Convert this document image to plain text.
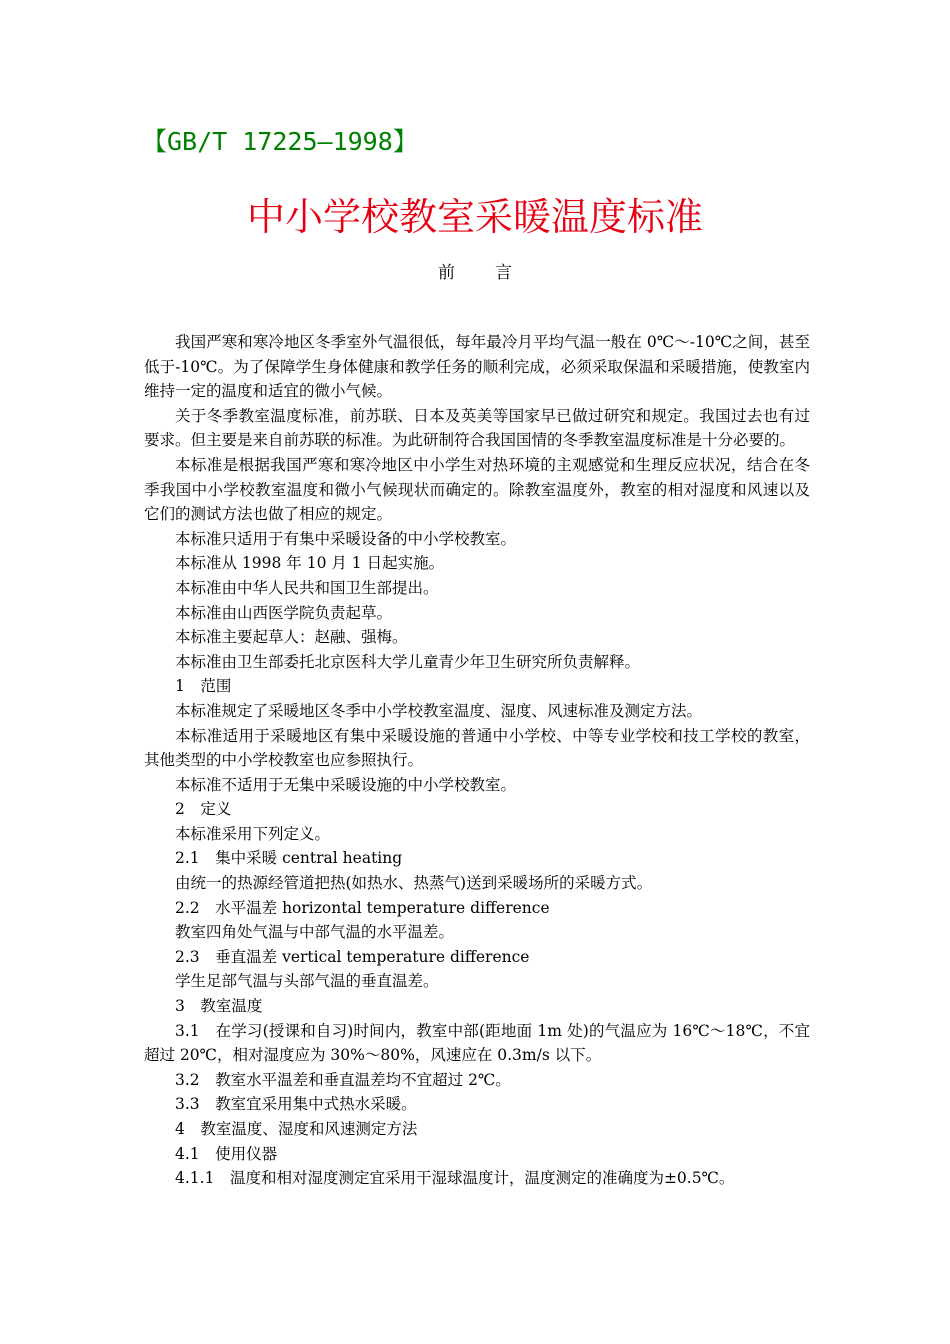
【GB/T 17225—1998】
中小学校教室采暖温度标准
前言

我国严寒和寒冷地区冬季室外气温很低，每年最冷月平均气温一般在 0℃～-10℃之间，甚至低于-10℃。为了保障学生身体健康和教学任务的顺利完成，必须采取保温和采暖措施，使教室内维持一定的温度和适宜的微小气候。

关于冬季教室温度标准，前苏联、日本及英美等国家早已做过研究和规定。我国过去也有过要求。但主要是来自前苏联的标准。为此研制符合我国国情的冬季教室温度标准是十分必要的。

本标准是根据我国严寒和寒冷地区中小学生对热环境的主观感觉和生理反应状况，结合在冬季我国中小学校教室温度和微小气候现状而确定的。除教室温度外，教室的相对湿度和风速以及它们的测试方法也做了相应的规定。

本标准只适用于有集中采暖设备的中小学校教室。

本标准从 1998 年 10 月 1 日起实施。

本标准由中华人民共和国卫生部提出。

本标准由山西医学院负责起草。

本标准主要起草人：赵融、强梅。

本标准由卫生部委托北京医科大学儿童青少年卫生研究所负责解释。

1　范围

本标准规定了采暖地区冬季中小学校教室温度、湿度、风速标准及测定方法。

本标准适用于采暖地区有集中采暖设施的普通中小学校、中等专业学校和技工学校的教室，其他类型的中小学校教室也应参照执行。

本标准不适用于无集中采暖设施的中小学校教室。

2　定义

本标准采用下列定义。

2.1　集中采暖 central heating

由统一的热源经管道把热(如热水、热蒸气)送到采暖场所的采暖方式。

2.2　水平温差 horizontal temperature difference

教室四角处气温与中部气温的水平温差。

2.3　垂直温差 vertical temperature difference

学生足部气温与头部气温的垂直温差。

3　教室温度

3.1　在学习(授课和自习)时间内，教室中部(距地面 1m 处)的气温应为 16℃～18℃，不宜超过 20℃，相对湿度应为 30%～80%，风速应在 0.3m/s 以下。

3.2　教室水平温差和垂直温差均不宜超过 2℃。

3.3　教室宜采用集中式热水采暖。

4　教室温度、湿度和风速测定方法

4.1　使用仪器

4.1.1　温度和相对湿度测定宜采用干湿球温度计，温度测定的准确度为±0.5℃。
